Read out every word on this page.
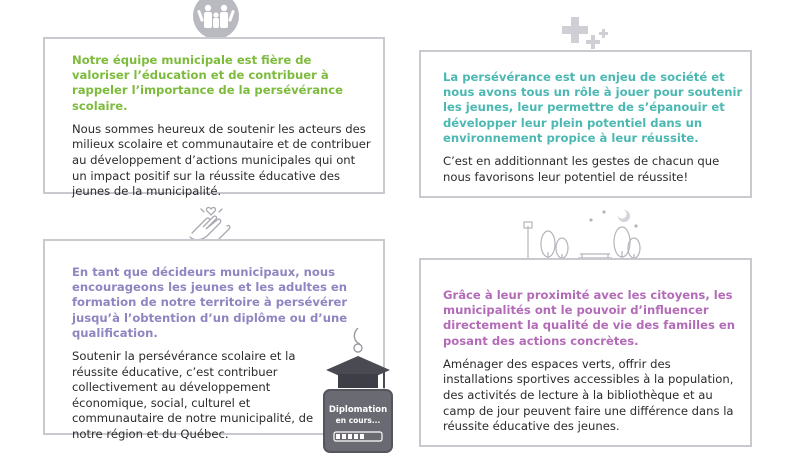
Notre équipe municipale est fière de valoriser l’éducation et de contribuer à rappeler l’importance de la persévérance scolaire.

Nous sommes heureux de soutenir les acteurs des milieux scolaire et communautaire et de contribuer au développement d’actions municipales qui ont un impact positif sur la réussite éducative des jeunes de la municipalité.

La persévérance est un enjeu de société et nous avons tous un rôle à jouer pour soutenir les jeunes, leur permettre de s’épanouir et développer leur plein potentiel dans un environnement propice à leur réussite.

C’est en additionnant les gestes de chacun que nous favorisons leur potentiel de réussite!

En tant que décideurs municipaux, nous encourageons les jeunes et les adultes en formation de notre territoire à persévérer jusqu’à l’obtention d’un diplôme ou d’une qualification.

Soutenir la persévérance scolaire et la réussite éducative, c’est contribuer collectivement au développement économique, social, culturel et communautaire de notre municipalité, de notre région et du Québec.

Grâce à leur proximité avec les citoyens, les municipalités ont le pouvoir d’influencer directement la qualité de vie des familles en posant des actions concrètes.

Aménager des espaces verts, offrir des installations sportives accessibles à la population, des activités de lecture à la bibliothèque et au camp de jour peuvent faire une différence dans la réussite éducative des jeunes.

Diplomation
en cours...
